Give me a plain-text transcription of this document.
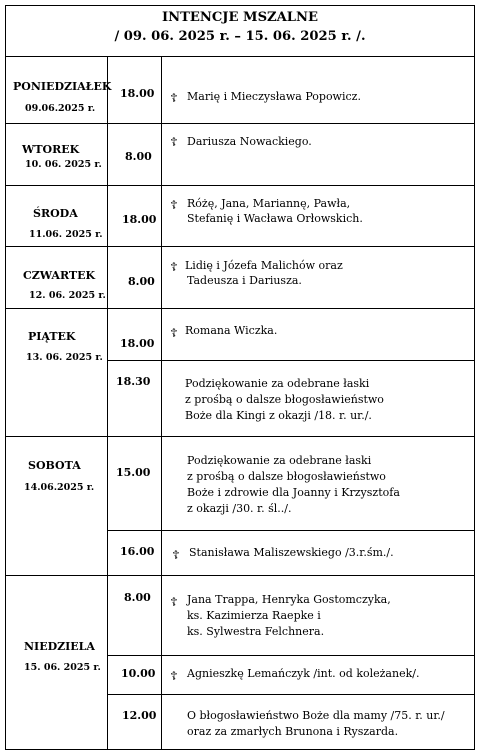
INTENCJE MSZALNE
/ 09. 06. 2025 r. – 15. 06. 2025 r. /.
PONIEDZIAŁEK
09.06.2025 r.
18.00 ☦ Marię i Mieczysława Popowicz.
WTOREK
10. 06. 2025 r.
8.00
☦ Dariusza Nowackiego.
ŚRODA
11.06. 2025 r.
18.00
☦ Różę, Jana, Mariannę, Pawła,
Stefanię i Wacława Orłowskich.
CZWARTEK
12. 06. 2025 r.
8.00
☦ Lidię i Józefa Malichów oraz
Tadeusza i Dariusza.
PIĄTEK
13. 06. 2025 r.
18.00
☦ Romana Wiczka.
18.30	Podziękowanie za odebrane łaski
z prośbą o dalsze błogosławieństwo
Boże dla Kingi z okazji /18. r. ur./.
SOBOTA
14.06.2025 r.
15.00
Podziękowanie za odebrane łaski
z prośbą o dalsze błogosławieństwo
Boże i zdrowie dla Joanny i Krzysztofa
z okazji /30. r. śl../.
16.00 ☦ Stanisława Maliszewskiego /3.r.śm./.
NIEDZIELA
15. 06. 2025 r.
8.00 ☦ Jana Trappa, Henryka Gostomczyka,
ks. Kazimierza Raepke i
ks. Sylwestra Felchnera.
10.00 ☦ Agnieszkę Lemańczyk /int. od koleżanek/.
12.00	O błogosławieństwo Boże dla mamy /75. r. ur./
oraz za zmarłych Brunona i Ryszarda.
